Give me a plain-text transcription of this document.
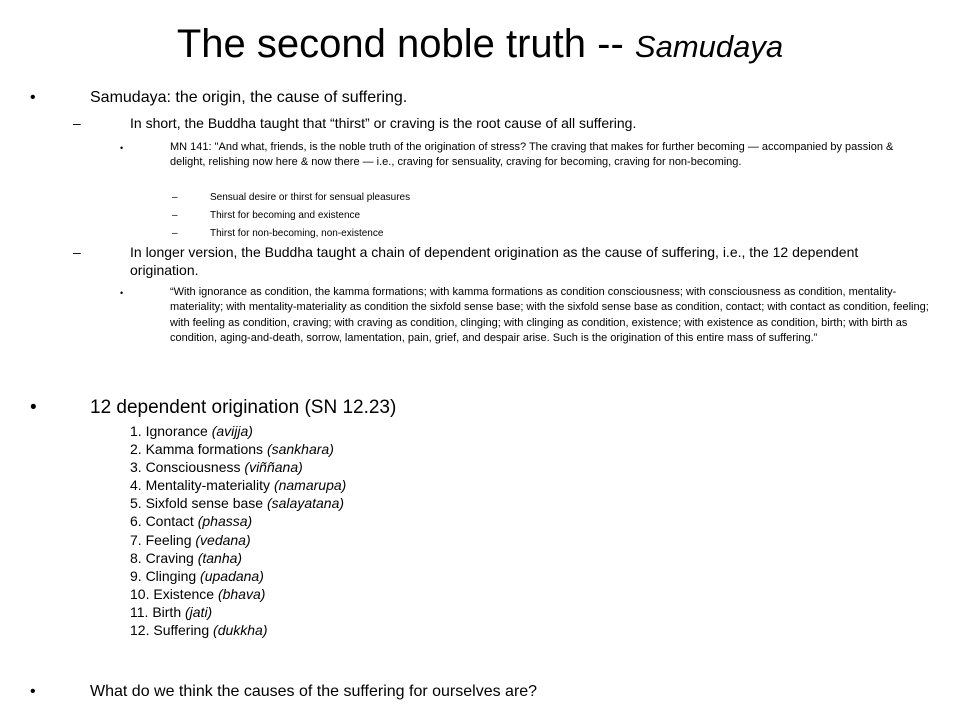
The second noble truth -- Samudaya
•	Samudaya: the origin, the cause of suffering.
–	In short, the Buddha taught that “thirst” or craving is the root cause of all suffering.
•	MN 141: "And what, friends, is the noble truth of the origination of stress? The craving that makes for further becoming — accompanied by passion & delight, relishing now here & now there — i.e., craving for sensuality, craving for becoming, craving for non-becoming.
–	Sensual desire or thirst for sensual pleasures
–	Thirst for becoming and existence
–	Thirst for non-becoming, non-existence
–	In longer version, the Buddha taught a chain of dependent origination as the cause of suffering, i.e., the 12 dependent origination.
•	“With ignorance as condition, the kamma formations; with kamma formations as condition consciousness; with consciousness as condition, mentality-materiality; with mentality-materiality as condition the sixfold sense base; with the sixfold sense base as condition, contact; with contact as condition, feeling; with feeling as condition, craving; with craving as condition, clinging; with clinging as condition, existence; with existence as condition, birth; with birth as condition, aging-and-death, sorrow, lamentation, pain, grief, and despair arise. Such is the origination of this entire mass of suffering.”
•	12 dependent origination (SN 12.23)
1. Ignorance (avijja)
2. Kamma formations (sankhara)
3. Consciousness (viññana)
4. Mentality-materiality (namarupa)
5. Sixfold sense base (salayatana)
6. Contact (phassa)
7. Feeling (vedana)
8. Craving (tanha)
9. Clinging (upadana)
10. Existence (bhava)
11. Birth (jati)
12. Suffering (dukkha)
•	What do we think the causes of the suffering for ourselves are?
